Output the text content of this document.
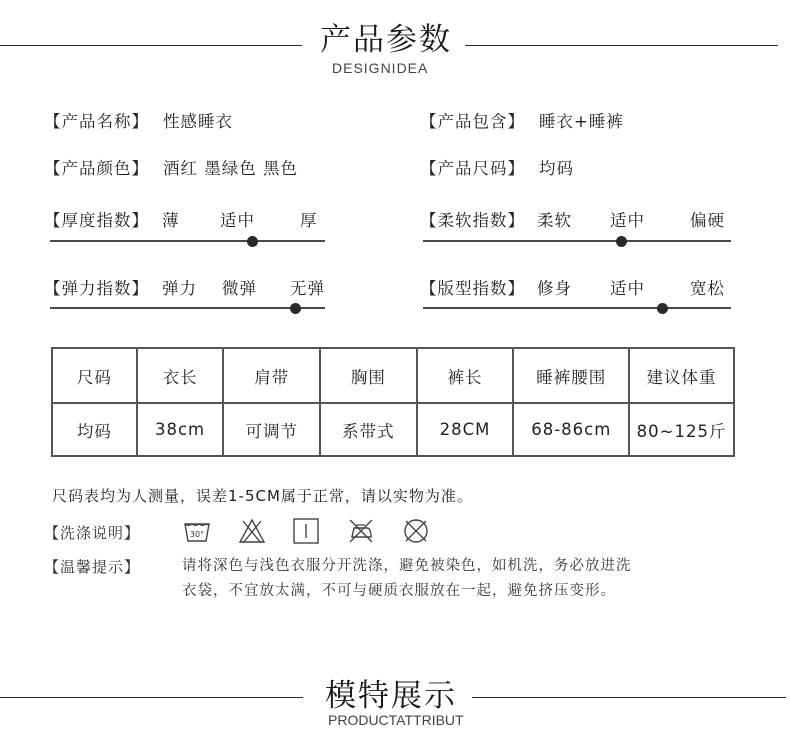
产品参数
DESIGNIDEA
【产品名称】 性感睡衣	【产品包含】 睡衣+睡裤
【产品颜色】 酒红 墨绿色 黑色	【产品尺码】 均码
【厚度指数】 薄 适中	厚	【柔软指数】 柔软 适中	偏硬
【弹力指数】 弹力 微弹 无弹	【版型指数】 修身 适中	宽松
尺码	衣长	肩带	胸围	裤长	睡裤腰围	建议体重
均码	38cm	可调节	系带式	28CM	68-86cm	80~125斤
尺码表均为人测量，误差1-5CM属于正常，请以实物为准。
【洗涤说明】	30°
【温馨提示】	请将深色与浅色衣服分开洗涤，避免被染色，如机洗，务必放进洗
衣袋，不宜放太满，不可与硬质衣服放在一起，避免挤压变形。
模特展示
PRODUCTATTRIBUT
